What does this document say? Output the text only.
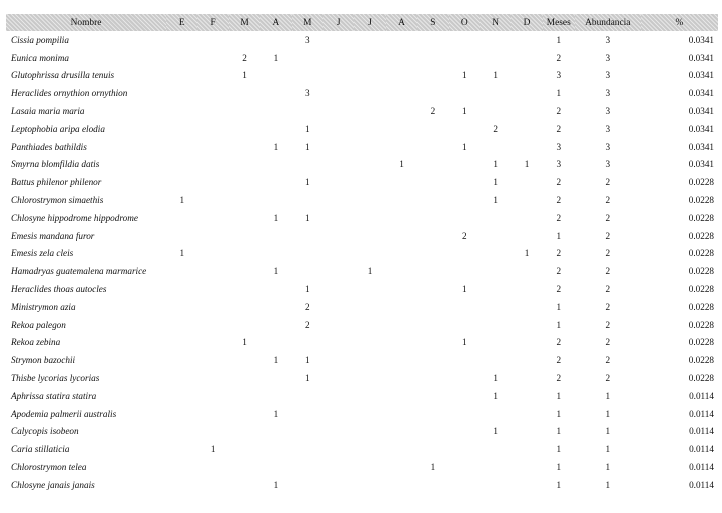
Nombre	E	F	M	A	M	J	J	A	S	O	N	D	Meses	Abundancia	%
Cissia pompilia					3								1	3	0.0341
Eunica monima			2	1									2	3	0.0341
Glutophrissa drusilla tenuis			1							1	1		3	3	0.0341
Heraclides ornythion ornythion					3								1	3	0.0341
Lasaia maria maria									2	1			2	3	0.0341
Leptophobia aripa elodia					1						2		2	3	0.0341
Panthiades bathildis				1	1					1			3	3	0.0341
Smyrna blomfildia datis								1			1	1	3	3	0.0341
Battus philenor philenor					1						1		2	2	0.0228
Chlorostrymon simaethis	1										1		2	2	0.0228
Chlosyne hippodrome hippodrome				1	1								2	2	0.0228
Emesis mandana furor										2			1	2	0.0228
Emesis zela cleis	1											1	2	2	0.0228
Hamadryas guatemalena marmarice				1			1						2	2	0.0228
Heraclides thoas autocles					1					1			2	2	0.0228
Ministrymon azia					2								1	2	0.0228
Rekoa palegon					2								1	2	0.0228
Rekoa zebina			1							1			2	2	0.0228
Strymon bazochii				1	1								2	2	0.0228
Thisbe lycorias lycorias					1						1		2	2	0.0228
Aphrissa statira statira											1		1	1	0.0114
Apodemia palmerii australis				1									1	1	0.0114
Calycopis isobeon											1		1	1	0.0114
Caria stillaticia		1											1	1	0.0114
Chlorostrymon telea									1				1	1	0.0114
Chlosyne janais janais				1									1	1	0.0114
